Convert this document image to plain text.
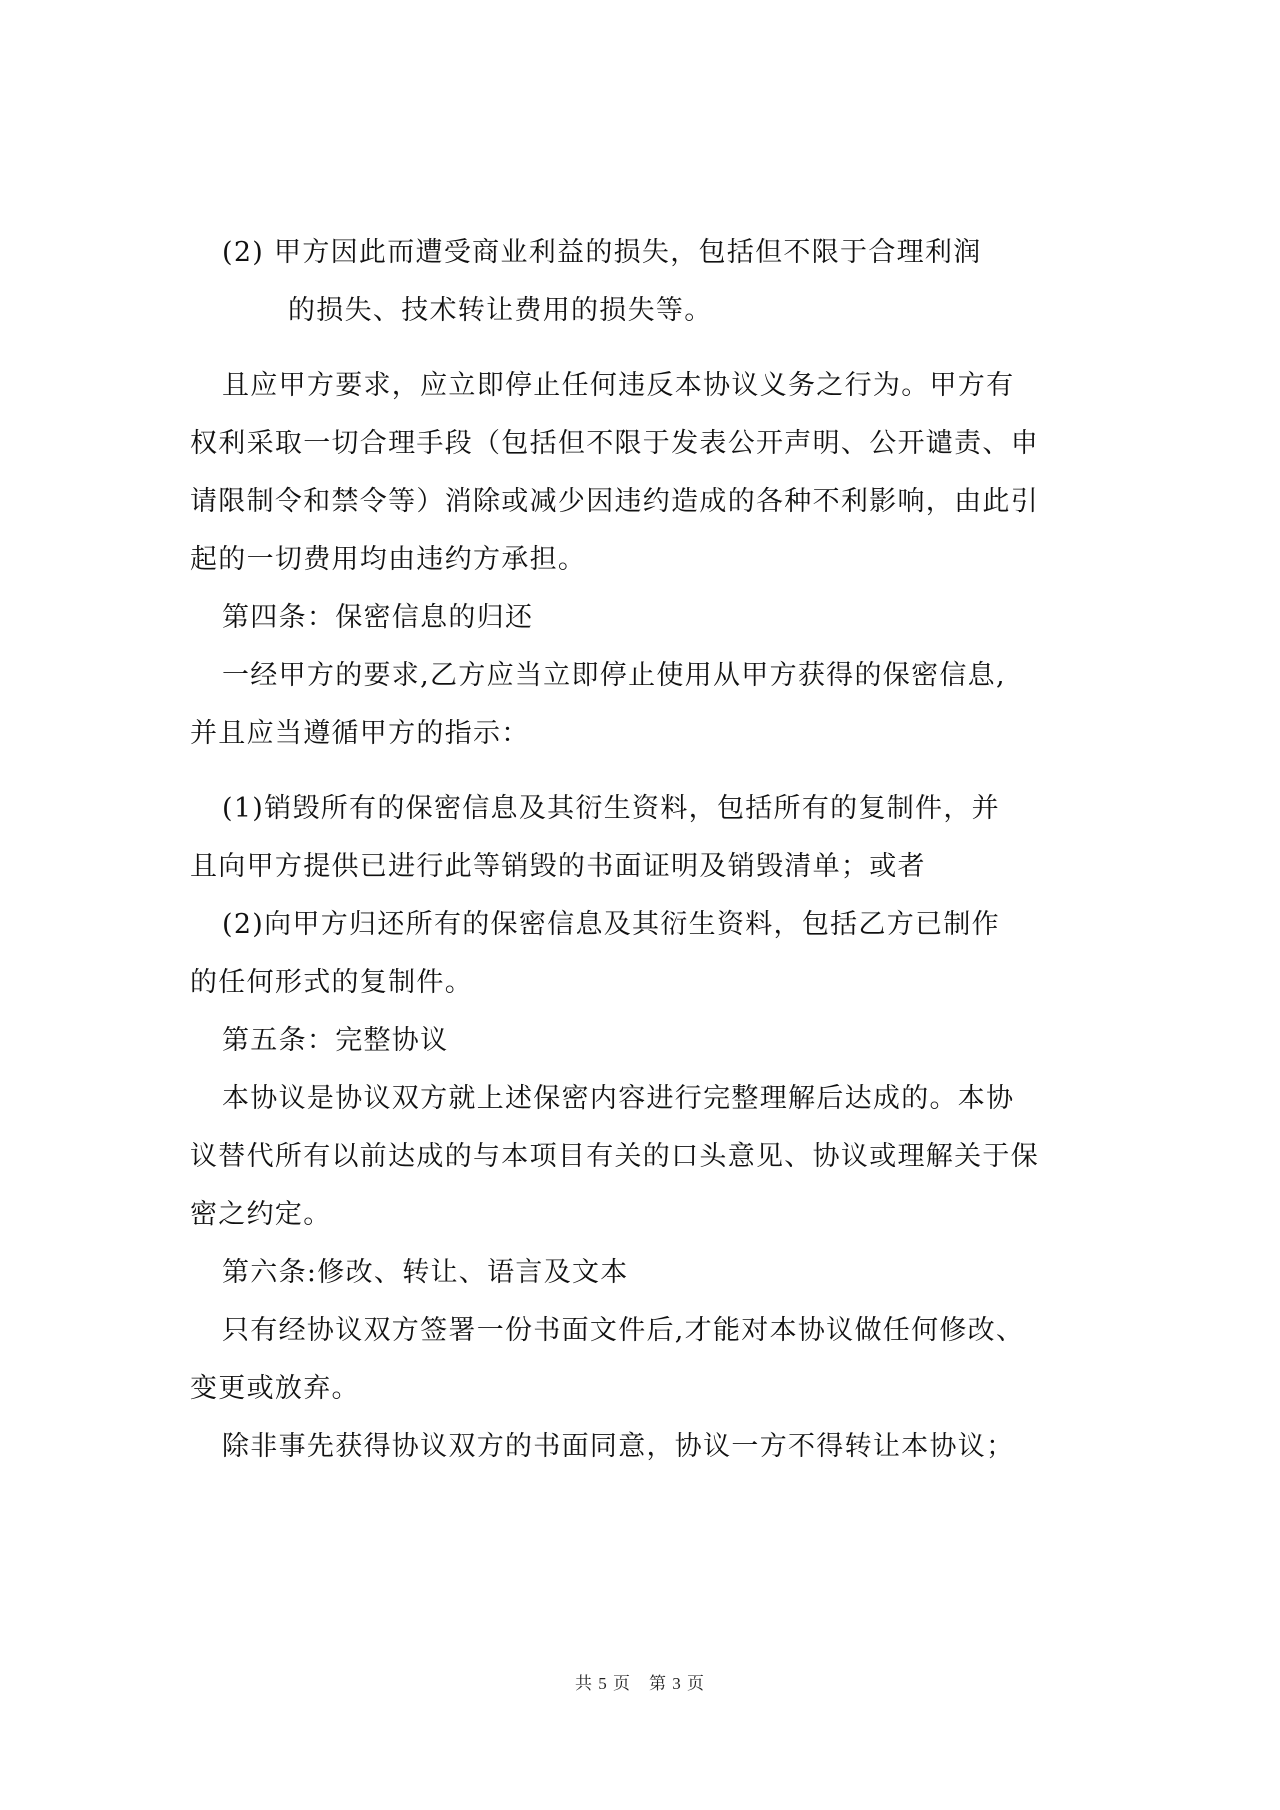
(2) 甲方因此而遭受商业利益的损失，包括但不限于合理利润
的损失、技术转让费用的损失等。
且应甲方要求，应立即停止任何违反本协议义务之行为。甲方有
权利采取一切合理手段（包括但不限于发表公开声明、公开谴责、申
请限制令和禁令等）消除或减少因违约造成的各种不利影响，由此引
起的一切费用均由违约方承担。
第四条：保密信息的归还
一经甲方的要求,乙方应当立即停止使用从甲方获得的保密信息,
并且应当遵循甲方的指示：
(1)销毁所有的保密信息及其衍生资料，包括所有的复制件，并
且向甲方提供已进行此等销毁的书面证明及销毁清单；或者
(2)向甲方归还所有的保密信息及其衍生资料，包括乙方已制作
的任何形式的复制件。
第五条：完整协议
本协议是协议双方就上述保密内容进行完整理解后达成的。本协
议替代所有以前达成的与本项目有关的口头意见、协议或理解关于保
密之约定。
第六条:修改、转让、语言及文本
只有经协议双方签署一份书面文件后,才能对本协议做任何修改、
变更或放弃。
除非事先获得协议双方的书面同意，协议一方不得转让本协议；
共 5 页 第 3 页
